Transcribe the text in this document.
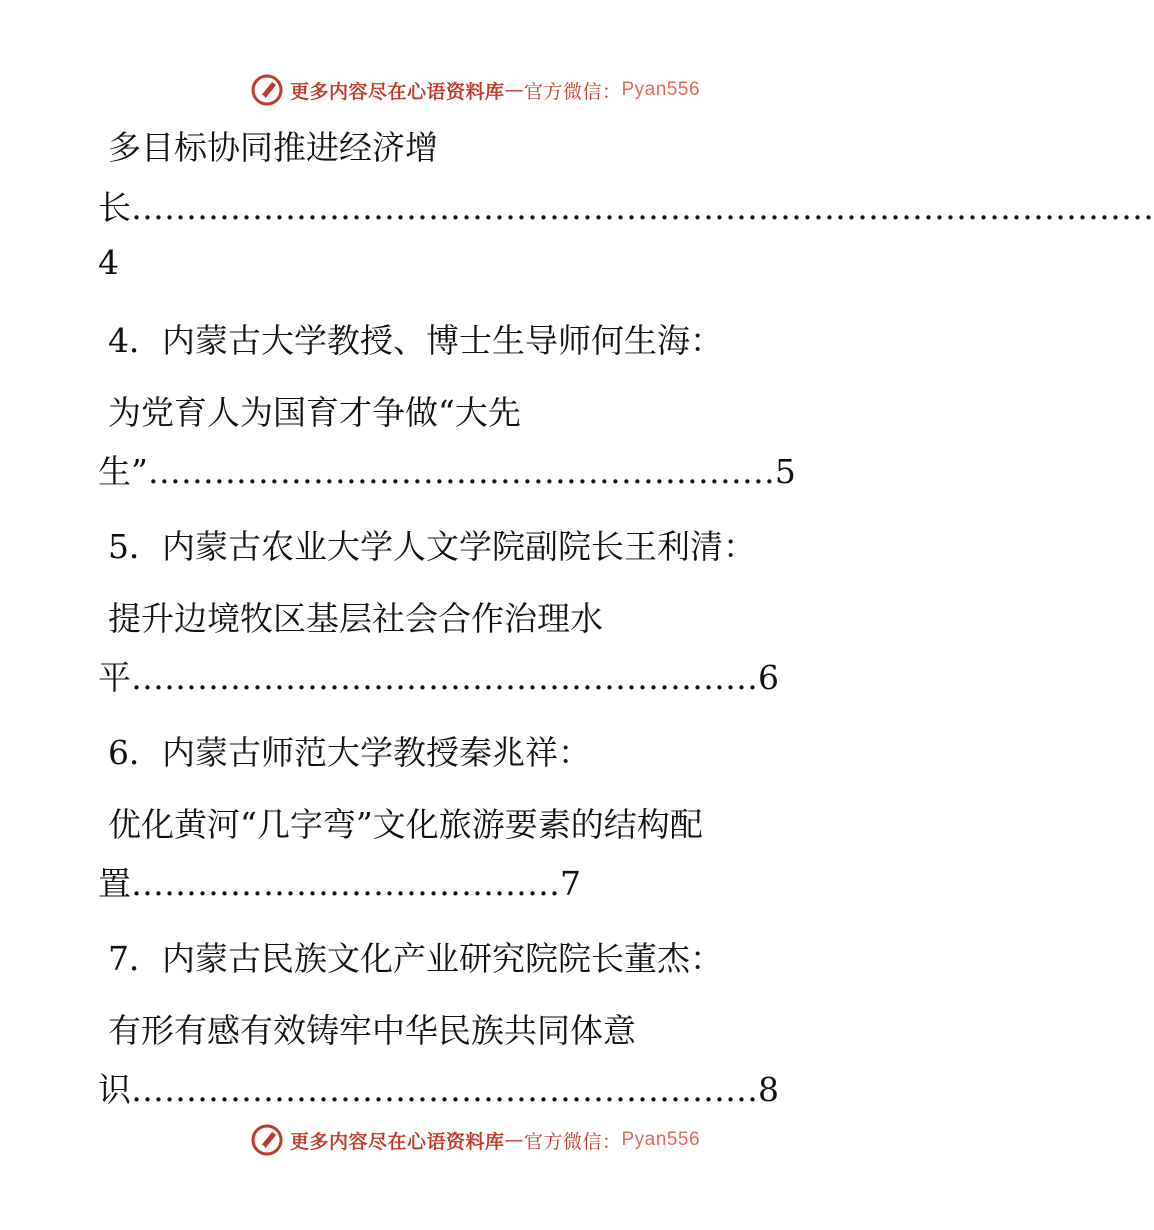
更多内容尽在心语资料库 — 官方微信： Pyan556
多目标协同推进经济增
长…………………………………………………………………………………
4
4．内蒙古大学教授、博士生导师何生海：
为党育人为国育才争做“大先
生”…………………………………………………5
5．内蒙古农业大学人文学院副院长王利清：
提升边境牧区基层社会合作治理水
平…………………………………………………6
6．内蒙古师范大学教授秦兆祥：
优化黄河“几字弯”文化旅游要素的结构配
置…………………………………7
7．内蒙古民族文化产业研究院院长董杰：
有形有感有效铸牢中华民族共同体意
识…………………………………………………8
更多内容尽在心语资料库 — 官方微信： Pyan556
